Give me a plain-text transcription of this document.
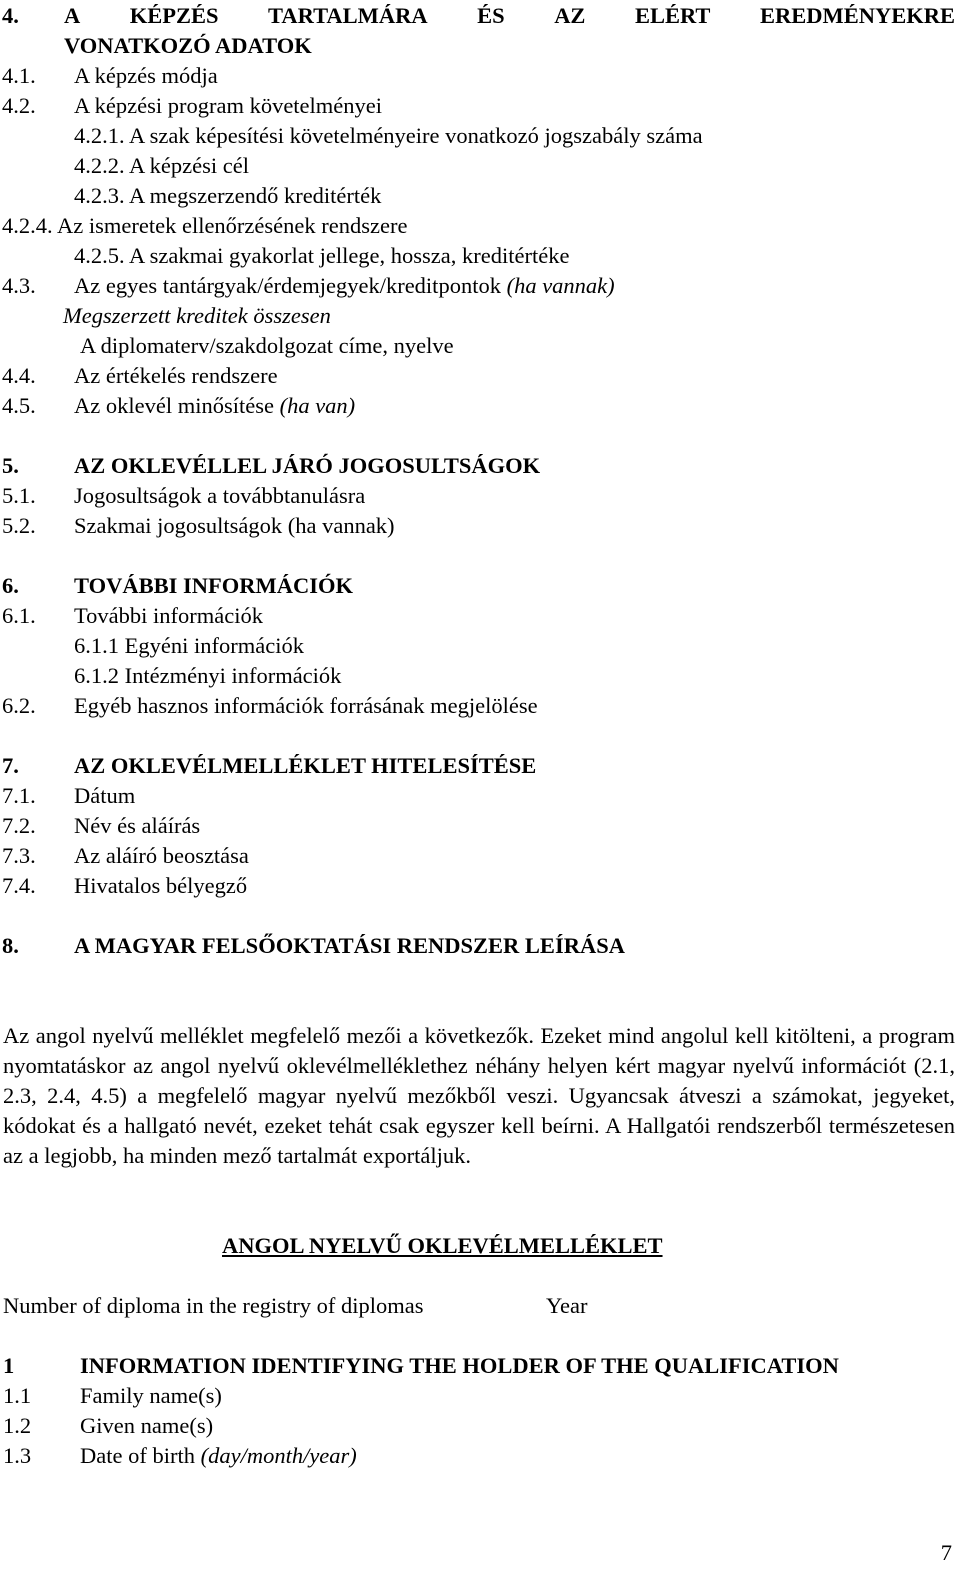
4. A KÉPZÉS TARTALMÁRA ÉS AZ ELÉRT EREDMÉNYEKRE
VONATKOZÓ ADATOK
4.1. A képzés módja
4.2. A képzési program követelményei
4.2.1. A szak képesítési követelményeire vonatkozó jogszabály száma
4.2.2. A képzési cél
4.2.3. A megszerzendő kreditérték
4.2.4. Az ismeretek ellenőrzésének rendszere
4.2.5. A szakmai gyakorlat jellege, hossza, kreditértéke
4.3. Az egyes tantárgyak/érdemjegyek/kreditpontok (ha vannak)
Megszerzett kreditek összesen
A diplomaterv/szakdolgozat címe, nyelve
4.4. Az értékelés rendszere
4.5. Az oklevél minősítése (ha van)
5. AZ OKLEVÉLLEL JÁRÓ JOGOSULTSÁGOK
5.1. Jogosultságok a továbbtanulásra
5.2. Szakmai jogosultságok (ha vannak)
6. TOVÁBBI INFORMÁCIÓK
6.1. További információk
6.1.1 Egyéni információk
6.1.2 Intézményi információk
6.2. Egyéb hasznos információk forrásának megjelölése
7. AZ OKLEVÉLMELLÉKLET HITELESÍTÉSE
7.1. Dátum
7.2. Név és aláírás
7.3. Az aláíró beosztása
7.4. Hivatalos bélyegző
8. A MAGYAR FELSŐOKTATÁSI RENDSZER LEÍRÁSA
Az angol nyelvű melléklet megfelelő mezői a következők. Ezeket mind angolul kell kitölteni, a program nyomtatáskor az angol nyelvű oklevélmelléklethez néhány helyen kért magyar nyelvű információt (2.1, 2.3, 2.4, 4.5) a megfelelő magyar nyelvű mezőkből veszi. Ugyancsak átveszi a számokat, jegyeket, kódokat és a hallgató nevét, ezeket tehát csak egyszer kell beírni. A Hallgatói rendszerből természetesen az a legjobb, ha minden mező tartalmát exportáljuk.
ANGOL NYELVŰ OKLEVÉLMELLÉKLET
Number of diploma in the registry of diplomas	Year
1	INFORMATION IDENTIFYING THE HOLDER OF THE QUALIFICATION
1.1 Family name(s)
1.2 Given name(s)
1.3 Date of birth (day/month/year)
7
